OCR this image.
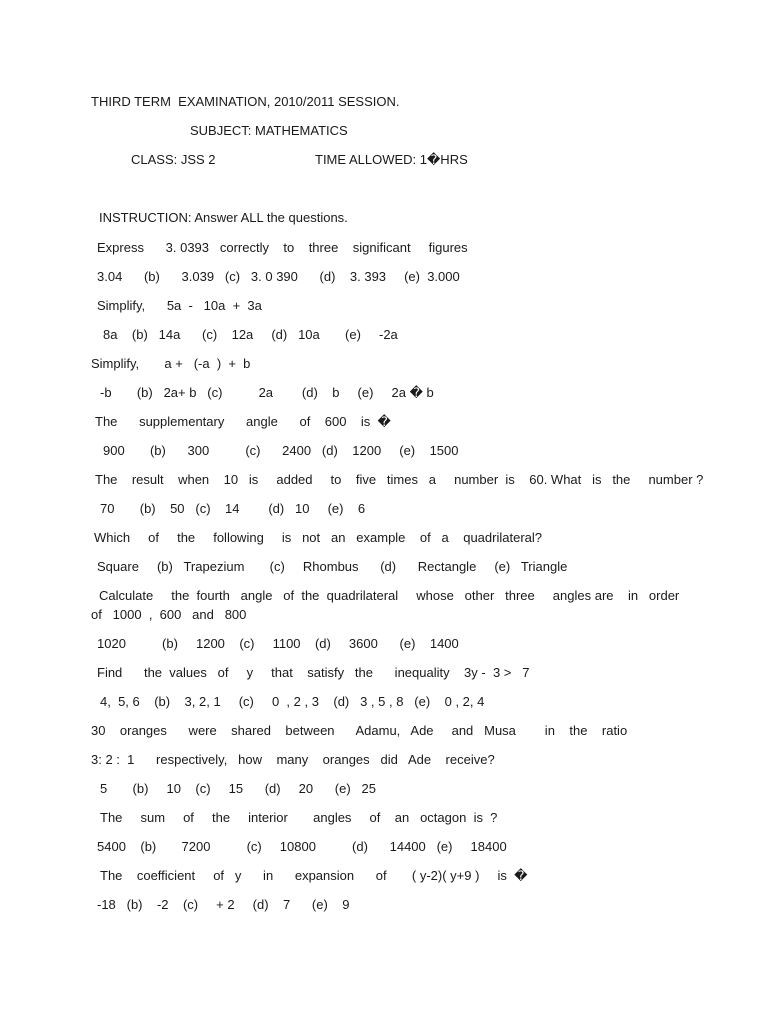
THIRD TERM  EXAMINATION, 2010/2011 SESSION.
SUBJECT: MATHEMATICS
CLASS: JSS 2	TIME ALLOWED: 1�HRS
INSTRUCTION: Answer ALL the questions.
Express      3. 0393   correctly    to    three    significant     figures
3.04      (b)      3.039   (c)   3. 0 390      (d)    3. 393     (e)  3.000
Simplify,      5a  -   10a  +  3a
8a    (b)   14a      (c)    12a     (d)   10a       (e)     -2a
Simplify,       a +   (-a  )  +  b
-b       (b)   2a+ b   (c)          2a        (d)    b     (e)     2a � b
The      supplementary      angle      of    600    is  �
900       (b)      300          (c)      2400   (d)    1200     (e)    1500
The    result    when    10   is     added     to    five   times   a     number  is    60. What   is   the     number ?
70       (b)    50   (c)    14        (d)   10     (e)    6
Which     of     the     following     is   not   an   example    of   a    quadrilateral?
Square     (b)   Trapezium       (c)     Rhombus      (d)      Rectangle     (e)   Triangle
Calculate     the  fourth   angle   of  the  quadrilateral     whose   other   three     angles are    in   order
of   1000  ,  600   and   800
1020          (b)     1200    (c)     1100    (d)     3600      (e)    1400
Find      the  values   of     y     that    satisfy   the      inequality    3y -  3 >   7
4,  5, 6    (b)    3, 2, 1     (c)     0  , 2 , 3    (d)   3 , 5 , 8   (e)    0 , 2, 4
30    oranges      were    shared    between      Adamu,   Ade     and   Musa        in    the    ratio
3: 2 :  1      respectively,   how    many    oranges   did   Ade    receive?
5       (b)     10    (c)     15      (d)     20      (e)   25
The     sum     of     the     interior       angles     of    an   octagon  is  ?
5400    (b)       7200          (c)     10800          (d)      14400   (e)     18400
The    coefficient     of   y      in      expansion      of       ( y-2)( y+9 )     is  �
-18   (b)    -2    (c)     + 2     (d)    7      (e)    9
